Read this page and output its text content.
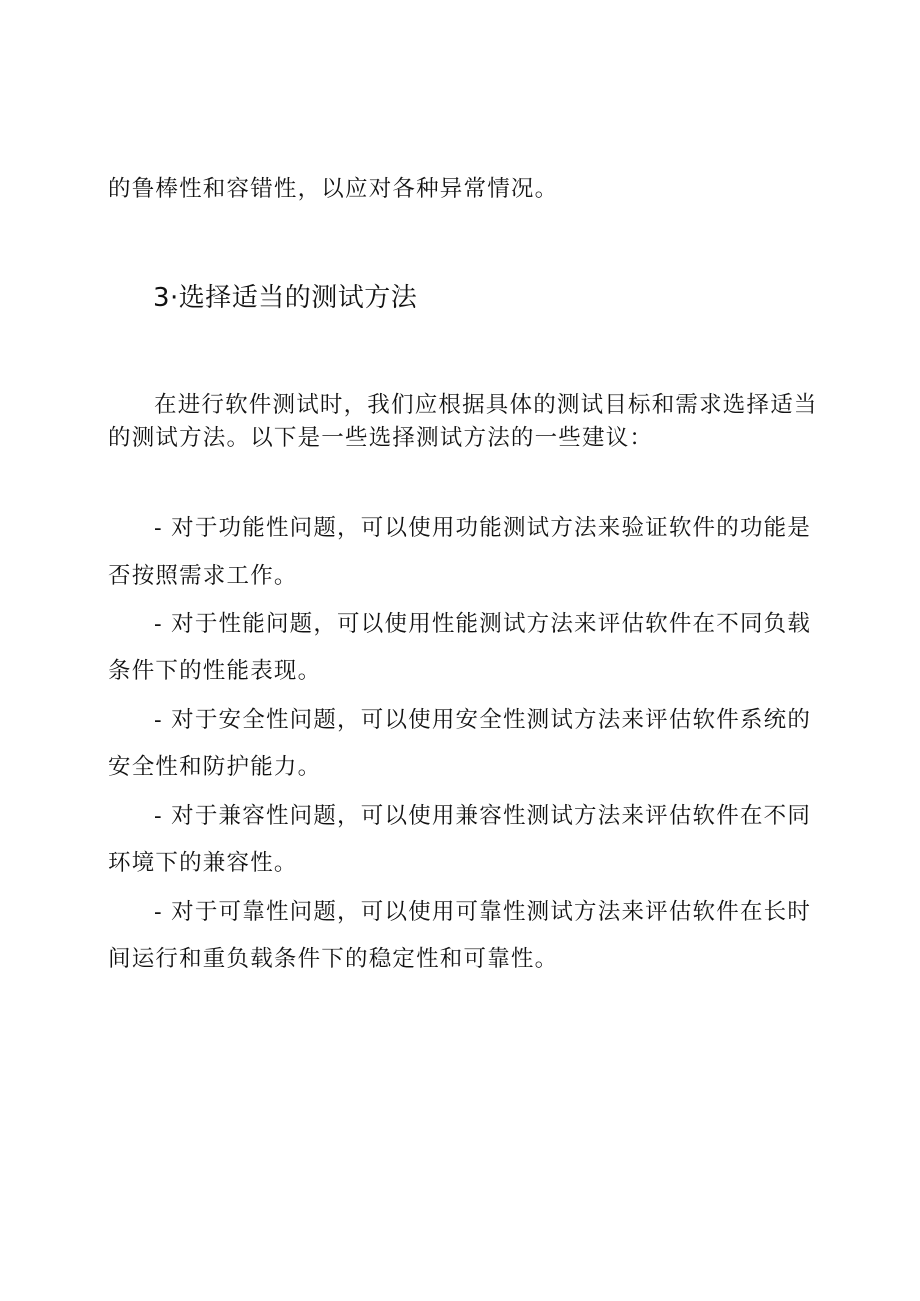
的鲁棒性和容错性，以应对各种异常情况。
3·选择适当的测试方法
在进行软件测试时，我们应根据具体的测试目标和需求选择适当
的测试方法。以下是一些选择测试方法的一些建议：
- 对于功能性问题，可以使用功能测试方法来验证软件的功能是
否按照需求工作。
- 对于性能问题，可以使用性能测试方法来评估软件在不同负载
条件下的性能表现。
- 对于安全性问题，可以使用安全性测试方法来评估软件系统的
安全性和防护能力。
- 对于兼容性问题，可以使用兼容性测试方法来评估软件在不同
环境下的兼容性。
- 对于可靠性问题，可以使用可靠性测试方法来评估软件在长时
间运行和重负载条件下的稳定性和可靠性。
